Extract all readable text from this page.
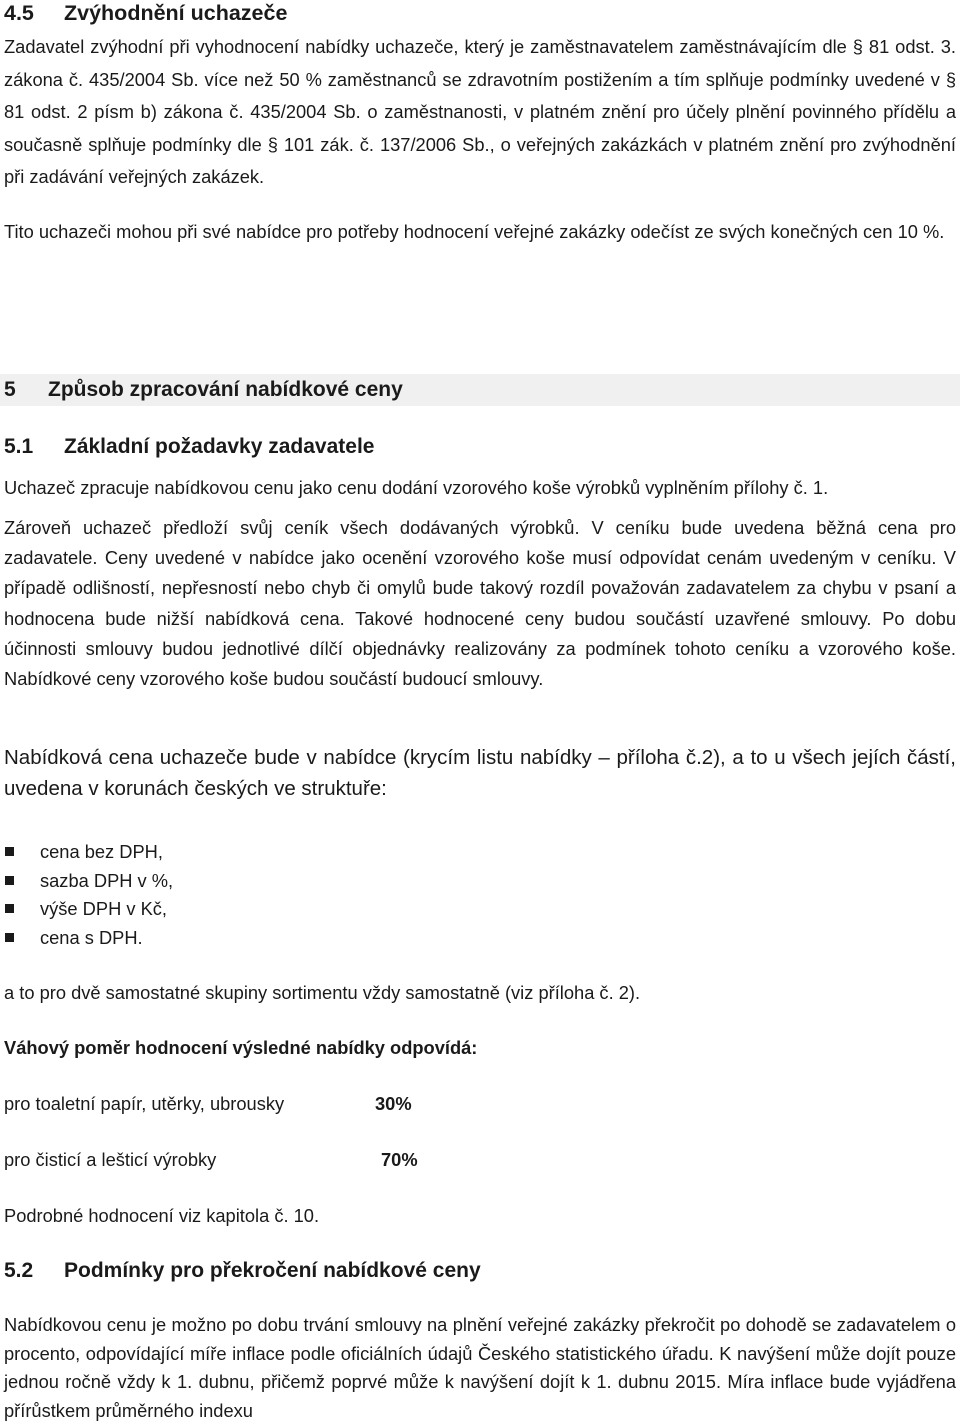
4.5 Zvýhodnění uchazeče

Zadavatel zvýhodní při vyhodnocení nabídky uchazeče, který je zaměstnavatelem zaměstnávajícím dle § 81 odst. 3. zákona č. 435/2004 Sb. více než 50 % zaměstnanců se zdravotním postižením a tím splňuje podmínky uvedené v § 81 odst. 2 písm b) zákona č. 435/2004 Sb. o zaměstnanosti, v platném znění pro účely plnění povinného přídělu a současně splňuje podmínky dle § 101 zák. č. 137/2006 Sb., o veřejných zakázkách v platném znění pro zvýhodnění při zadávání veřejných zakázek.

Tito uchazeči mohou při své nabídce pro potřeby hodnocení veřejné zakázky odečíst ze svých konečných cen 10 %.

5 Způsob zpracování nabídkové ceny
5.1 Základní požadavky zadavatele

Uchazeč zpracuje nabídkovou cenu jako cenu dodání vzorového koše výrobků vyplněním přílohy č. 1.

Zároveň uchazeč předloží svůj ceník všech dodávaných výrobků. V ceníku bude uvedena běžná cena pro zadavatele. Ceny uvedené v nabídce jako ocenění vzorového koše musí odpovídat cenám uvedeným v ceníku. V případě odlišností, nepřesností nebo chyb či omylů bude takový rozdíl považován zadavatelem za chybu v psaní a hodnocena bude nižší nabídková cena. Takové hodnocené ceny budou součástí uzavřené smlouvy. Po dobu účinnosti smlouvy budou jednotlivé dílčí objednávky realizovány za podmínek tohoto ceníku a vzorového koše. Nabídkové ceny vzorového koše budou součástí budoucí smlouvy.

Nabídková cena uchazeče bude v nabídce (krycím listu nabídky – příloha č.2), a to u všech jejích částí, uvedena v korunách českých ve struktuře:

cena bez DPH,
sazba DPH v %,
výše DPH v Kč,
cena s DPH.

a to pro dvě samostatné skupiny sortimentu vždy samostatně (viz příloha č. 2).

Váhový poměr hodnocení výsledné nabídky odpovídá:

pro toaletní papír, utěrky, ubrousky	30%
pro čisticí a lešticí výrobky	70%

Podrobné hodnocení viz kapitola č. 10.

5.2 Podmínky pro překročení nabídkové ceny

Nabídkovou cenu je možno po dobu trvání smlouvy na plnění veřejné zakázky překročit po dohodě se zadavatelem o procento, odpovídající míře inflace podle oficiálních údajů Českého statistického úřadu. K navýšení může dojít pouze jednou ročně vždy k 1. dubnu, přičemž poprvé může k navýšení dojít k 1. dubnu 2015. Míra inflace bude vyjádřena přírůstkem průměrného indexu
